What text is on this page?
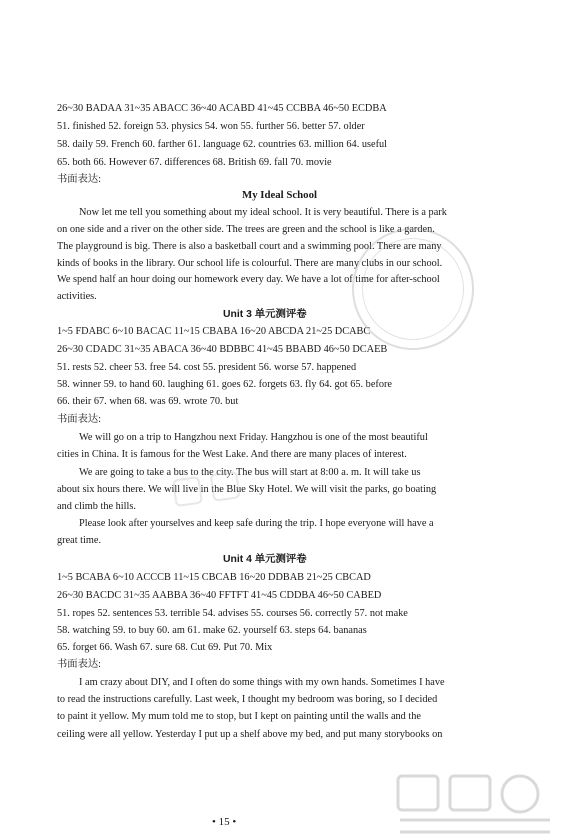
26~30 BADAA 31~35 ABACC 36~40 ACABD 41~45 CCBBA 46~50 ECDBA
51. finished 52. foreign 53. physics 54. won 55. further 56. better 57. older
58. daily 59. French 60. farther 61. language 62. countries 63. million 64. useful
65. both 66. However 67. differences 68. British 69. fall 70. movie
书面表达:
My Ideal School
Now let me tell you something about my ideal school. It is very beautiful. There is a park
on one side and a river on the other side. The trees are green and the school is like a garden.
The playground is big. There is also a basketball court and a swimming pool. There are many
kinds of books in the library. Our school life is colourful. There are many clubs in our school.
We spend half an hour doing our homework every day. We have a lot of time for after-school
activities.
Unit 3 单元测评卷
1~5 FDABC 6~10 BACAC 11~15 CBABA 16~20 ABCDA 21~25 DCABC
26~30 CDADC 31~35 ABACA 36~40 BDBBC 41~45 BBABD 46~50 DCAEB
51. rests 52. cheer 53. free 54. cost 55. president 56. worse 57. happened
58. winner 59. to hand 60. laughing 61. goes 62. forgets 63. fly 64. got 65. before
66. their 67. when 68. was 69. wrote 70. but
书面表达:
We will go on a trip to Hangzhou next Friday. Hangzhou is one of the most beautiful
cities in China. It is famous for the West Lake. And there are many places of interest.
We are going to take a bus to the city. The bus will start at 8:00 a. m. It will take us
about six hours there. We will live in the Blue Sky Hotel. We will visit the parks, go boating
and climb the hills.
Please look after yourselves and keep safe during the trip. I hope everyone will have a
great time.
Unit 4 单元测评卷
1~5 BCABA 6~10 ACCCB 11~15 CBCAB 16~20 DDBAB 21~25 CBCAD
26~30 BACDC 31~35 AABBA 36~40 FFTFT 41~45 CDDBA 46~50 CABED
51. ropes 52. sentences 53. terrible 54. advises 55. courses 56. correctly 57. not make
58. watching 59. to buy 60. am 61. make 62. yourself 63. steps 64. bananas
65. forget 66. Wash 67. sure 68. Cut 69. Put 70. Mix
书面表达:
I am crazy about DIY, and I often do some things with my own hands. Sometimes I have
to read the instructions carefully. Last week, I thought my bedroom was boring, so I decided
to paint it yellow. My mum told me to stop, but I kept on painting until the walls and the
ceiling were all yellow. Yesterday I put up a shelf above my bed, and put many storybooks on
▢▢
• 15 •
